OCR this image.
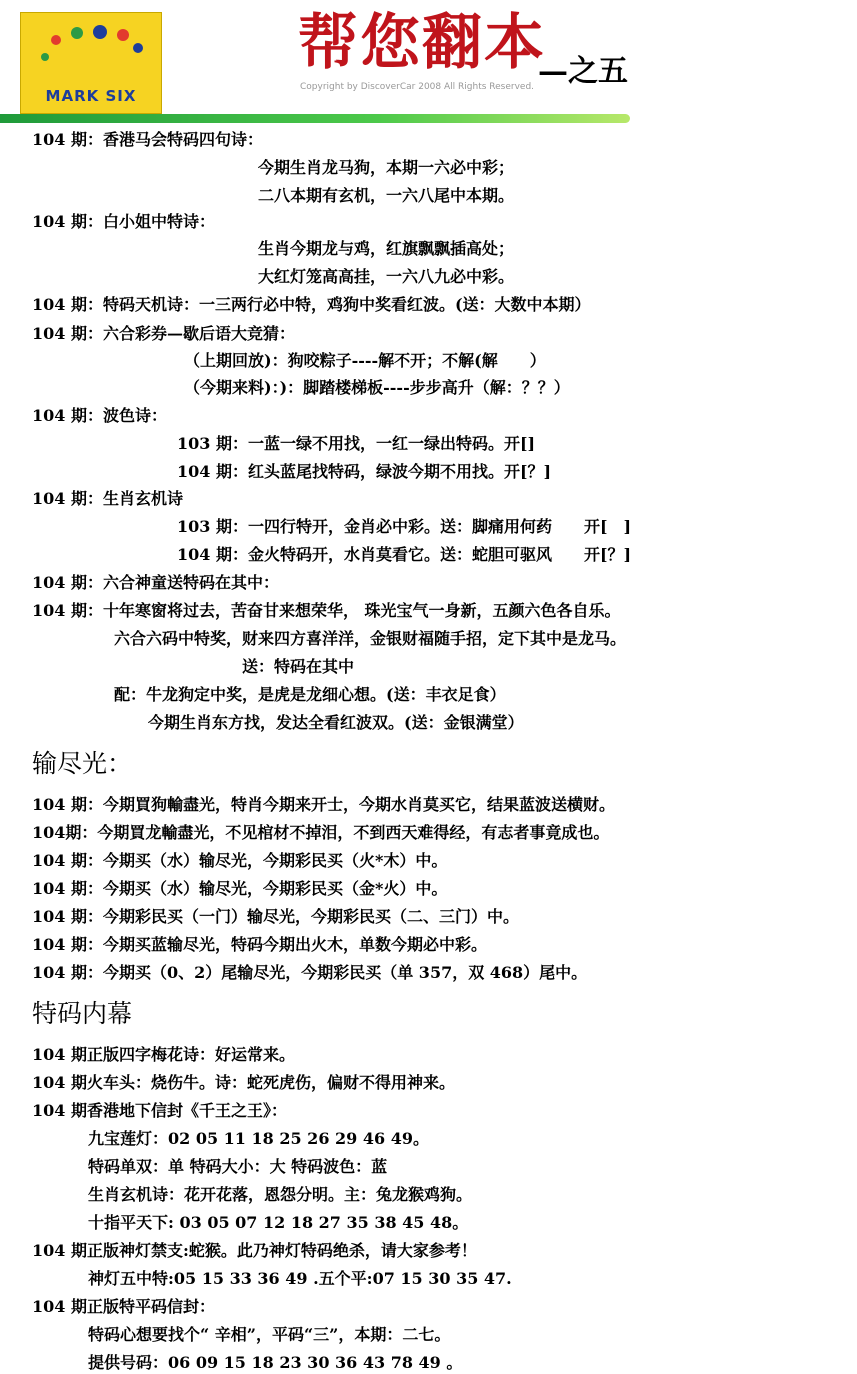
MARK SIX
帮您翻本
—之五
Copyright by DiscoverCar 2008 All Rights Reserved.
104 期：香港马会特码四句诗：
今期生肖龙马狗，本期一六必中彩；
二八本期有玄机，一六八尾中本期。
104 期：白小姐中特诗：
生肖今期龙与鸡，红旗飘飘插高处；
大红灯笼高高挂，一六八九必中彩。
104 期：特码天机诗：一三两行必中特，鸡狗中奖看红波。(送：大数中本期）
104 期：六合彩券—歇后语大竞猜：
（上期回放)：狗咬粽子----解不开；不解(解　　）
（今期来料)：)：脚踏楼梯板----步步高升（解：？？）
104 期：波色诗：
103 期：一蓝一绿不用找，一红一绿出特码。开[]
104 期：红头蓝尾找特码，绿波今期不用找。开[？]
104 期：生肖玄机诗
103 期：一四行特开，金肖必中彩。送：脚痛用何药　　开[　]
104 期：金火特码开，水肖莫看它。送：蛇胆可驱风　　开[？]
104 期：六合神童送特码在其中：
104 期：十年寒窗将过去，苦奋甘来想荣华， 珠光宝气一身新，五颜六色各自乐。
六合六码中特奖，财来四方喜洋洋，金银财福随手招，定下其中是龙马。
送：特码在其中
配：牛龙狗定中奖，是虎是龙细心想。(送：丰衣足食）
今期生肖东方找，发达全看红波双。(送：金银满堂）
输尽光：
104 期：今期買狗輸盡光，特肖今期来开士，今期水肖莫买它，结果蓝波送横财。
104期：今期買龙輸盡光，不见棺材不掉泪，不到西天难得经，有志者事竟成也。
104 期：今期买（水）输尽光，今期彩民买（火*木）中。
104 期：今期买（水）输尽光，今期彩民买（金*火）中。
104 期：今期彩民买（一门）输尽光，今期彩民买（二、三门）中。
104 期：今期买蓝输尽光，特码今期出火木，单数今期必中彩。
104 期：今期买（0、2）尾输尽光，今期彩民买（单 357，双 468）尾中。
特码内幕
104 期正版四字梅花诗：好运常来。
104 期火车头：烧伤牛。诗：蛇死虎伤，偏财不得用神来。
104 期香港地下信封《千王之王》：
九宝莲灯：02 05 11 18 25 26 29 46 49。
特码单双：单 特码大小：大 特码波色：蓝
生肖玄机诗：花开花落，恩怨分明。主：兔龙猴鸡狗。
十指平天下: 03 05 07 12 18 27 35 38 45 48。
104 期正版神灯禁支:蛇猴。此乃神灯特码绝杀，请大家参考！
神灯五中特:05 15 33 36 49 .五个平:07 15 30 35 47.
104 期正版特平码信封：
特码心想要找个“ 辛相”，平码“三”，本期：二七。
提供号码：06 09 15 18 23 30 36 43 78 49 。
